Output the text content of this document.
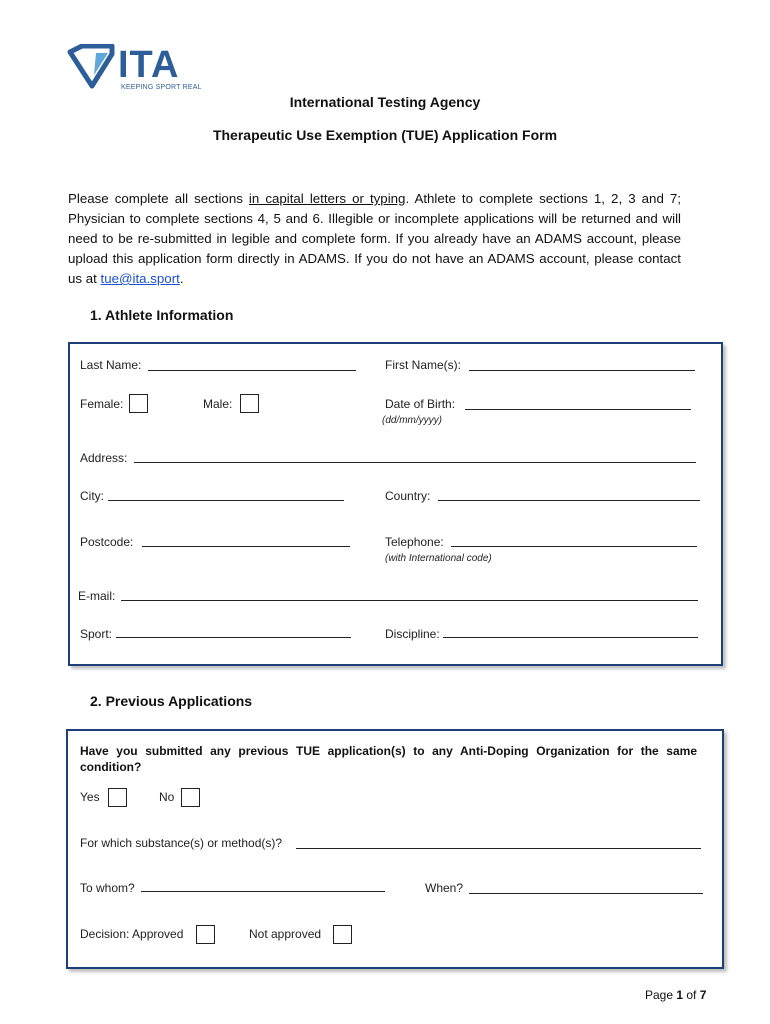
ITA
KEEPING SPORT REAL
International Testing Agency
Therapeutic Use Exemption (TUE) Application Form
Please complete all sections in capital letters or typing. Athlete to complete sections 1, 2, 3 and 7; Physician to complete sections 4, 5 and 6. Illegible or incomplete applications will be returned and will need to be re-submitted in legible and complete form. If you already have an ADAMS account, please upload this application form directly in ADAMS. If you do not have an ADAMS account, please contact us at tue@ita.sport.
1. Athlete Information
Last Name:	First Name(s):
Female:	Male:	Date of Birth:
(dd/mm/yyyy)
Address:
City:	Country:
Postcode:	Telephone:
(with International code)
E-mail:
Sport:	Discipline:
2. Previous Applications
Have you submitted any previous TUE application(s) to any Anti-Doping Organization for the same condition?
Yes	No
For which substance(s) or method(s)?
To whom?	When?
Decision: Approved	Not approved
Page 1 of 7
